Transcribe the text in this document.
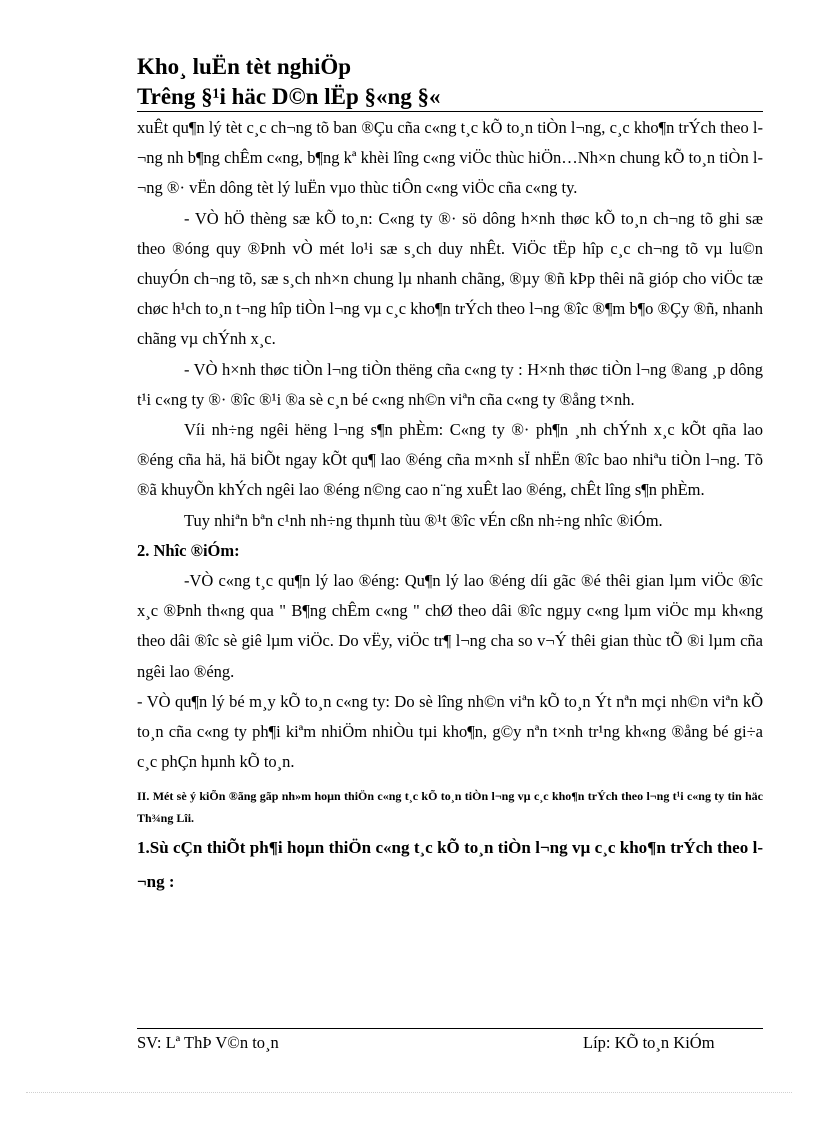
Kho¸ luËn tèt nghiÖp
Trêng §¹i häc D©n lËp §«ng §«

xuÊt qu¶n lý tèt c¸c ch¬ng tõ ban ®Çu cña c«ng t¸c kÕ to¸n tiÒn l¬ng, c¸c kho¶n trÝch theo l¬ng nh b¶ng chÊm c«ng, b¶ng kª khèi lîng c«ng viÖc thùc hiÖn…Nh×n chung kÕ to¸n tiÒn l¬ng ®· vËn dông tèt lý luËn vµo thùc tiÔn c«ng viÖc cña c«ng ty.

- VÒ hÖ thèng sæ kÕ to¸n: C«ng ty ®· sö dông h×nh thøc kÕ to¸n ch¬ng tõ ghi sæ theo ®óng quy ®Þnh vÒ mét lo¹i sæ s¸ch duy nhÊt. ViÖc tËp hîp c¸c ch¬ng tõ vµ lu©n chuyÓn ch¬ng tõ, sæ s¸ch nh×n chung lµ nhanh chãng, ®µy ®ñ kÞp thêi nã gióp cho viÖc tæ chøc h¹ch to¸n t¬ng hîp tiÒn l¬ng vµ c¸c kho¶n trÝch theo l¬ng ®îc ®¶m b¶o ®Çy ®ñ, nhanh chãng vµ chÝnh x¸c.

- VÒ h×nh thøc tiÒn l¬ng tiÒn thëng cña c«ng ty : H×nh thøc tiÒn l¬ng ®ang ¸p dông t¹i c«ng ty ®· ®îc ®¹i ®a sè c¸n bé c«ng nh©n viªn cña c«ng ty ®ång t×nh.

Víi nh÷ng ngêi hëng l¬ng s¶n phÈm: C«ng ty ®· ph¶n ¸nh chÝnh x¸c kÕt qña lao ®éng cña hä, hä biÕt ngay kÕt qu¶ lao ®éng cña m×nh sÏ nhËn ®îc bao nhiªu tiÒn l¬ng. Tõ ®ã khuyÕn khÝch ngêi lao ®éng n©ng cao n¨ng xuÊt lao ®éng, chÊt lîng s¶n phÈm.

Tuy nhiªn bªn c¹nh nh÷ng thµnh tùu ®¹t ®îc vÉn cßn nh÷ng nhîc ®iÓm.

2. Nhîc ®iÓm:

-VÒ c«ng t¸c qu¶n lý lao ®éng: Qu¶n lý lao ®éng díi gãc ®é thêi gian lµm viÖc ®îc x¸c ®Þnh th«ng qua " B¶ng chÊm c«ng " chØ theo dâi ®îc ngµy c«ng lµm viÖc mµ kh«ng theo dâi ®îc sè giê lµm viÖc. Do vËy, viÖc tr¶ l¬ng cha so v¬Ý thêi gian thùc tÕ ®i lµm cña ngêi lao ®éng.

- VÒ qu¶n lý bé m¸y kÕ to¸n c«ng ty: Do sè lîng nh©n viªn kÕ to¸n Ýt nªn mçi nh©n viªn kÕ to¸n cña c«ng ty ph¶i kiªm nhiÖm nhiÒu tµi kho¶n, g©y nªn t×nh tr¹ng kh«ng ®ång bé gi÷a c¸c phÇn hµnh kÕ to¸n.

II. Mét sè ý kiÕn ®ãng gãp nh»m hoµn thiÖn c«ng t¸c kÕ to¸n tiÒn l¬ng vµ c¸c kho¶n trÝch theo l¬ng t¹i c«ng ty tin häc Th¾ng Lîi.

1.Sù cÇn thiÕt ph¶i hoµn thiÖn c«ng t¸c kÕ to¸n tiÒn l¬ng vµ c¸c kho¶n trÝch theo l¬ng :

SV: Lª ThÞ V©n to¸n	Líp: KÕ to¸n KiÓm
